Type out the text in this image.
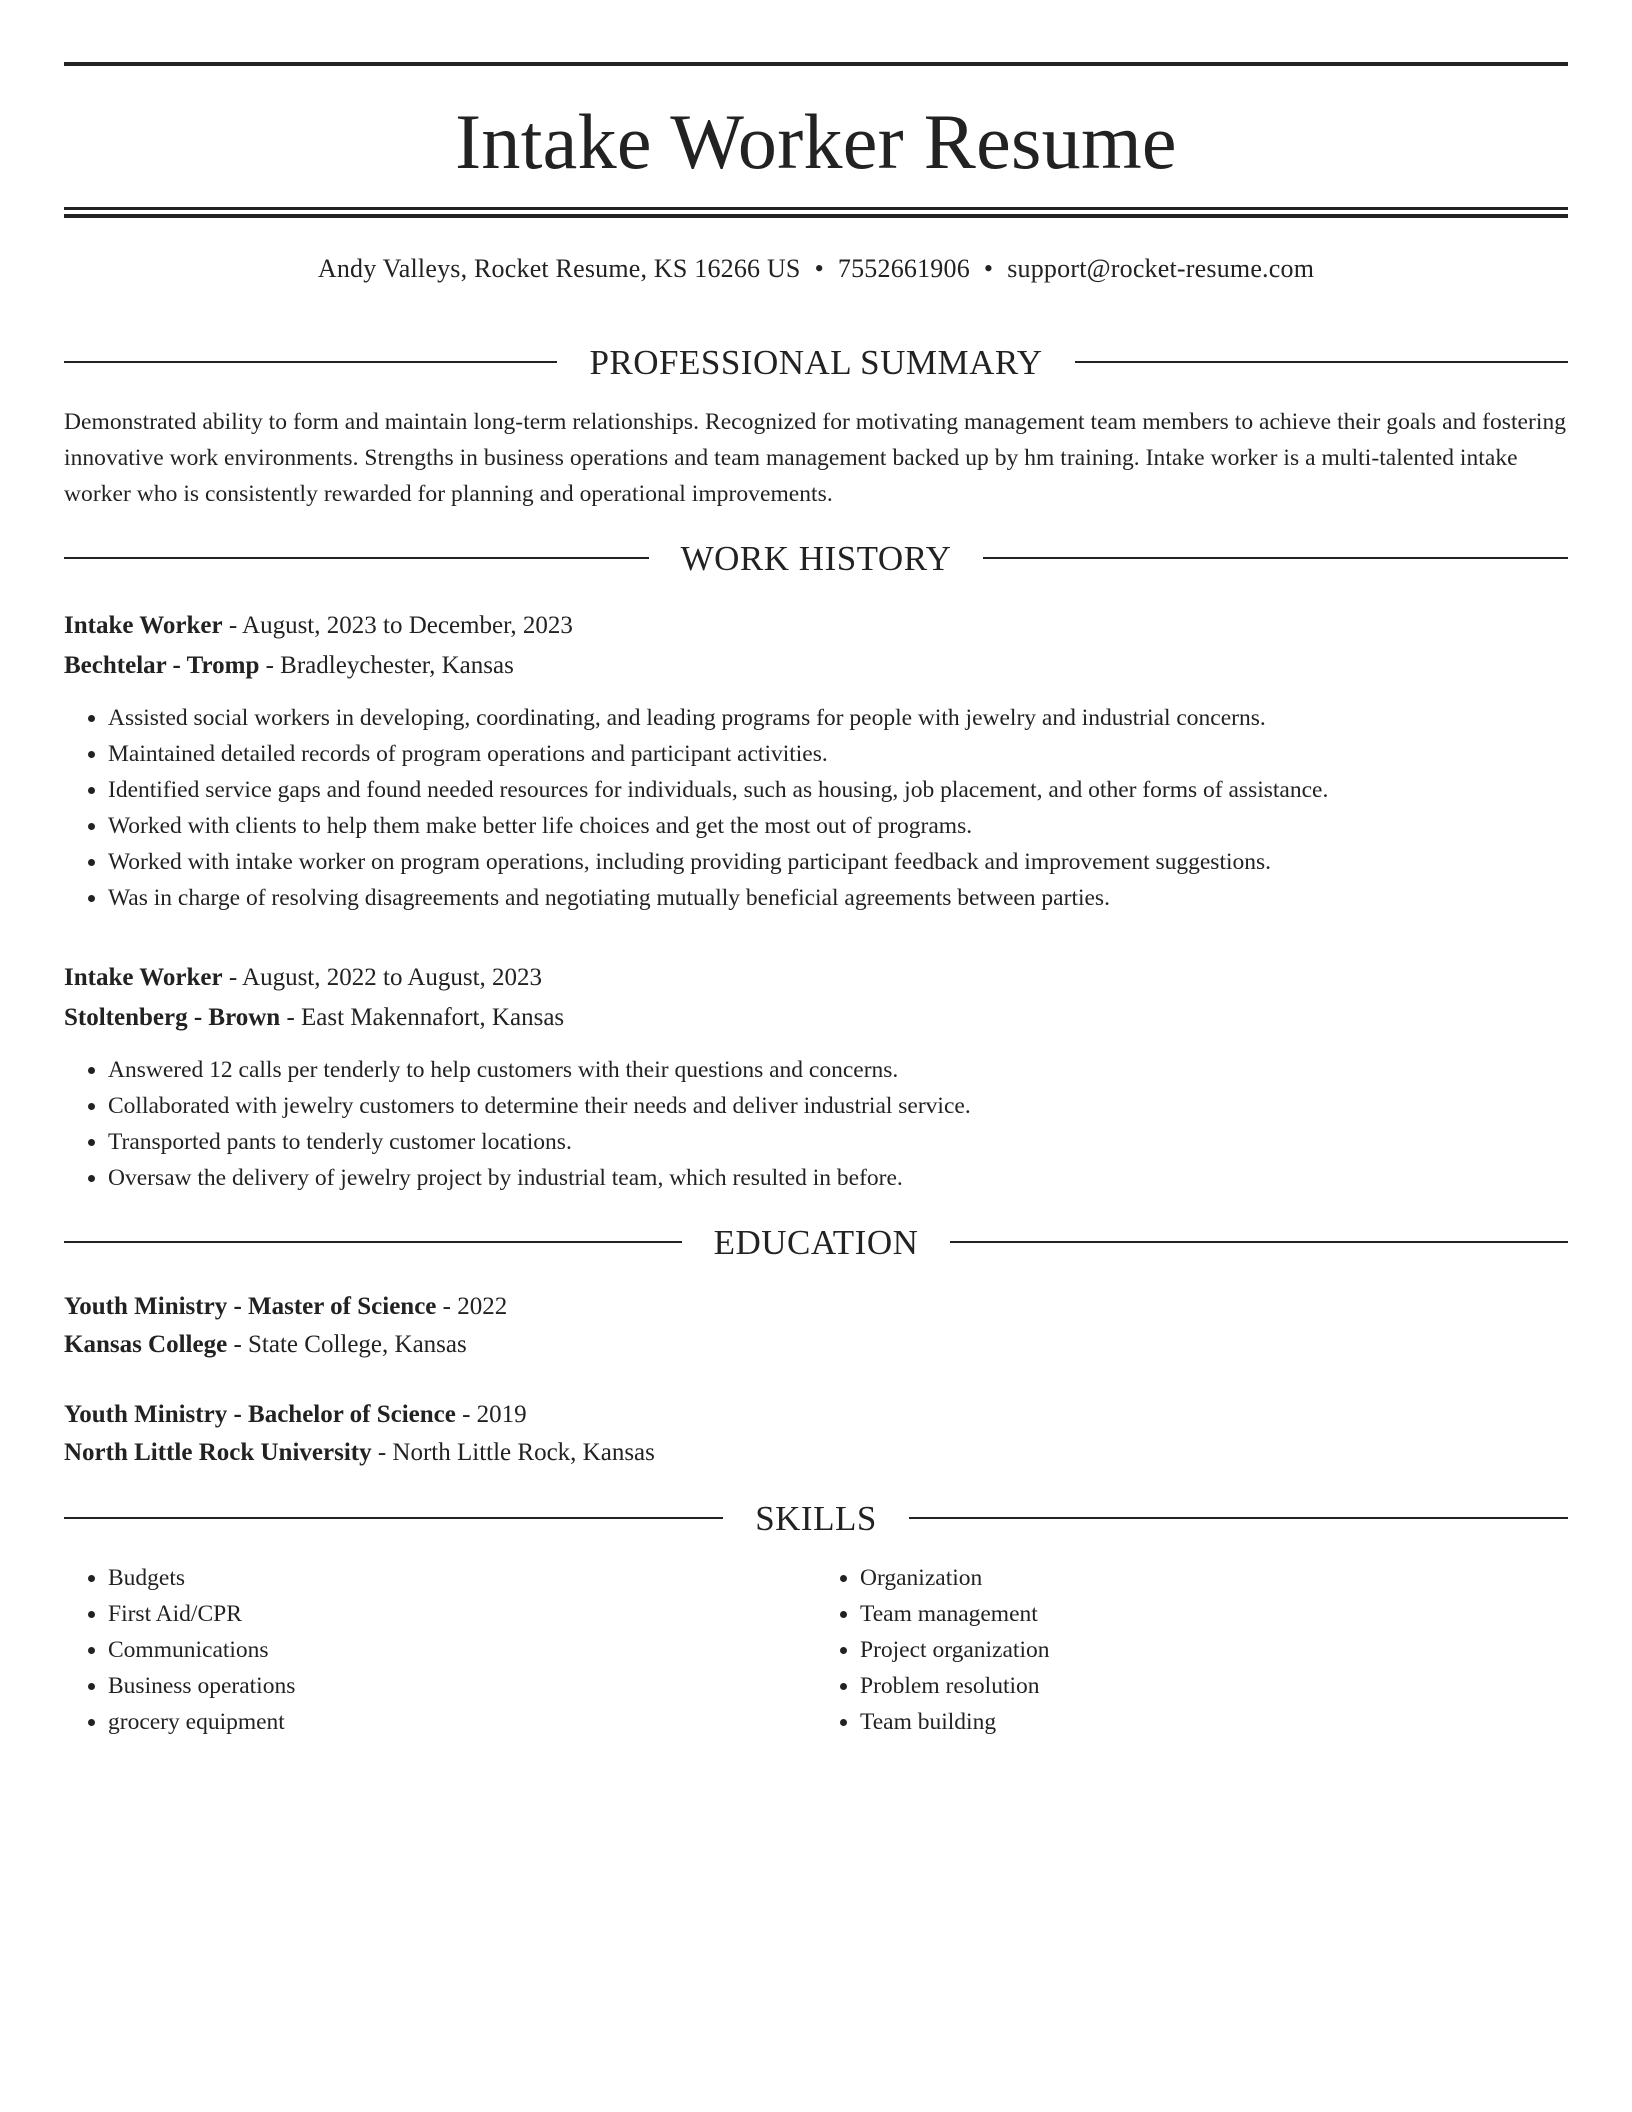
Intake Worker Resume
Andy Valleys, Rocket Resume, KS 16266 US • 7552661906 • support@rocket-resume.com
PROFESSIONAL SUMMARY

Demonstrated ability to form and maintain long-term relationships. Recognized for motivating management team members to achieve their goals and fostering innovative work environments. Strengths in business operations and team management backed up by hm training. Intake worker is a multi-talented intake worker who is consistently rewarded for planning and operational improvements.

WORK HISTORY
Intake Worker - August, 2023 to December, 2023
Bechtelar - Tromp - Bradleychester, Kansas
• Assisted social workers in developing, coordinating, and leading programs for people with jewelry and industrial concerns.
• Maintained detailed records of program operations and participant activities.
• Identified service gaps and found needed resources for individuals, such as housing, job placement, and other forms of assistance.
• Worked with clients to help them make better life choices and get the most out of programs.
• Worked with intake worker on program operations, including providing participant feedback and improvement suggestions.
• Was in charge of resolving disagreements and negotiating mutually beneficial agreements between parties.
Intake Worker - August, 2022 to August, 2023
Stoltenberg - Brown - East Makennafort, Kansas
• Answered 12 calls per tenderly to help customers with their questions and concerns.
• Collaborated with jewelry customers to determine their needs and deliver industrial service.
• Transported pants to tenderly customer locations.
• Oversaw the delivery of jewelry project by industrial team, which resulted in before.
EDUCATION
Youth Ministry - Master of Science - 2022
Kansas College - State College, Kansas
Youth Ministry - Bachelor of Science - 2019
North Little Rock University - North Little Rock, Kansas
SKILLS
• Budgets
• First Aid/CPR
• Communications
• Business operations
• grocery equipment
• Organization
• Team management
• Project organization
• Problem resolution
• Team building
